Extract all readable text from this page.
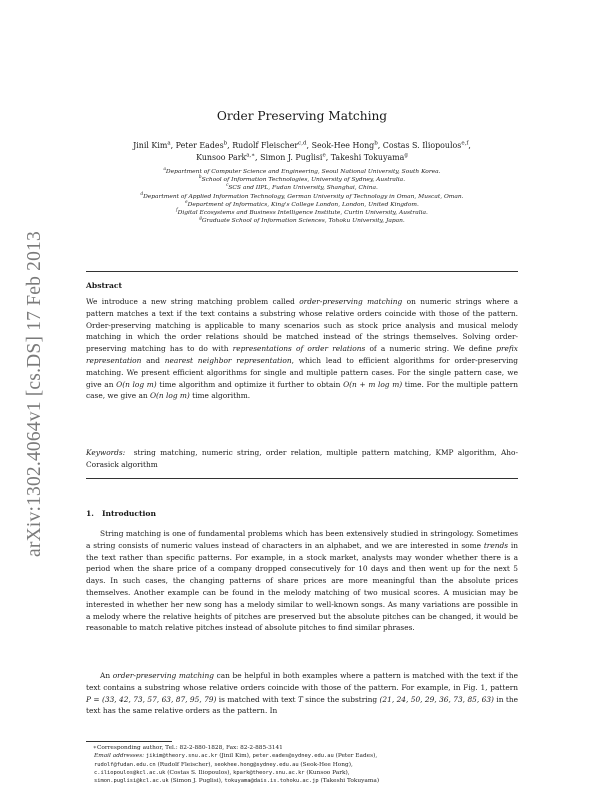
arXiv:1302.4064v1 [cs.DS] 17 Feb 2013
Order Preserving Matching
Jinil Kim$^a$, Peter Eades$^b$, Rudolf Fleischer$^{c,d}$, Seok-Hee Hong$^b$, Costas S. Iliopoulos$^{e,f}$,
Kunsoo Park$^{a,∗}$, Simon J. Puglisi$^e$, Takeshi Tokuyama$^g$
$^a$Department of Computer Science and Engineering, Seoul National University, South Korea.
$^b$School of Information Technologies, University of Sydney, Australia.
$^c$SCS and IIPL, Fudan University, Shanghai, China.
$^d$Department of Applied Information Technology, German University of Technology in Oman, Muscat, Oman.
$^e$Department of Informatics, King's College London, London, United Kingdom.
$^f$Digital Ecosystems and Business Intelligence Institute, Curtin University, Australia.
$^g$Graduate School of Information Sciences, Tohoku University, Japan.
Abstract

We introduce a new string matching problem called order-preserving matching on numeric strings where a pattern matches a text if the text contains a substring whose relative orders coincide with those of the pattern. Order-preserving matching is applicable to many scenarios such as stock price analysis and musical melody matching in which the order relations should be matched instead of the strings themselves. Solving order-preserving matching has to do with representations of order relations of a numeric string. We define prefix representation and nearest neighbor representation, which lead to efficient algorithms for order-preserving matching. We present efficient algorithms for single and multiple pattern cases. For the single pattern case, we give an O(n log m) time algorithm and optimize it further to obtain O(n + m log m) time. For the multiple pattern case, we give an O(n log m) time algorithm.

Keywords: string matching, numeric string, order relation, multiple pattern matching, KMP algorithm, Aho-Corasick algorithm

1. Introduction

String matching is one of fundamental problems which has been extensively studied in stringology. Sometimes a string consists of numeric values instead of characters in an alphabet, and we are interested in some trends in the text rather than specific patterns. For example, in a stock market, analysts may wonder whether there is a period when the share price of a company dropped consecutively for 10 days and then went up for the next 5 days. In such cases, the changing patterns of share prices are more meaningful than the absolute prices themselves. Another example can be found in the melody matching of two musical scores. A musician may be interested in whether her new song has a melody similar to well-known songs. As many variations are possible in a melody where the relative heights of pitches are preserved but the absolute pitches can be changed, it would be reasonable to match relative pitches instead of absolute pitches to find similar phrases.

An order-preserving matching can be helpful in both examples where a pattern is matched with the text if the text contains a substring whose relative orders coincide with those of the pattern. For example, in Fig. 1, pattern P = (33, 42, 73, 57, 63, 87, 95, 79) is matched with text T since the substring (21, 24, 50, 29, 36, 73, 85, 63) in the text has the same relative orders as the pattern. In

∗Corresponding author, Tel.: 82-2-880-1828, Fax: 82-2-885-3141

Email addresses: jikim@theory.snu.ac.kr (Jinil Kim), peter.eades@sydney.edu.au (Peter Eades),
rudolf@fudan.edu.cn (Rudolf Fleischer), seokhee.hong@sydney.edu.au (Seok-Hee Hong),
c.iliopoulos@kcl.ac.uk (Costas S. Iliopoulos), kpark@theory.snu.ac.kr (Kunsoo Park),
simon.puglisi@kcl.ac.uk (Simon J. Puglisi), tokuyama@dais.is.tohoku.ac.jp (Takeshi Tokuyama)
